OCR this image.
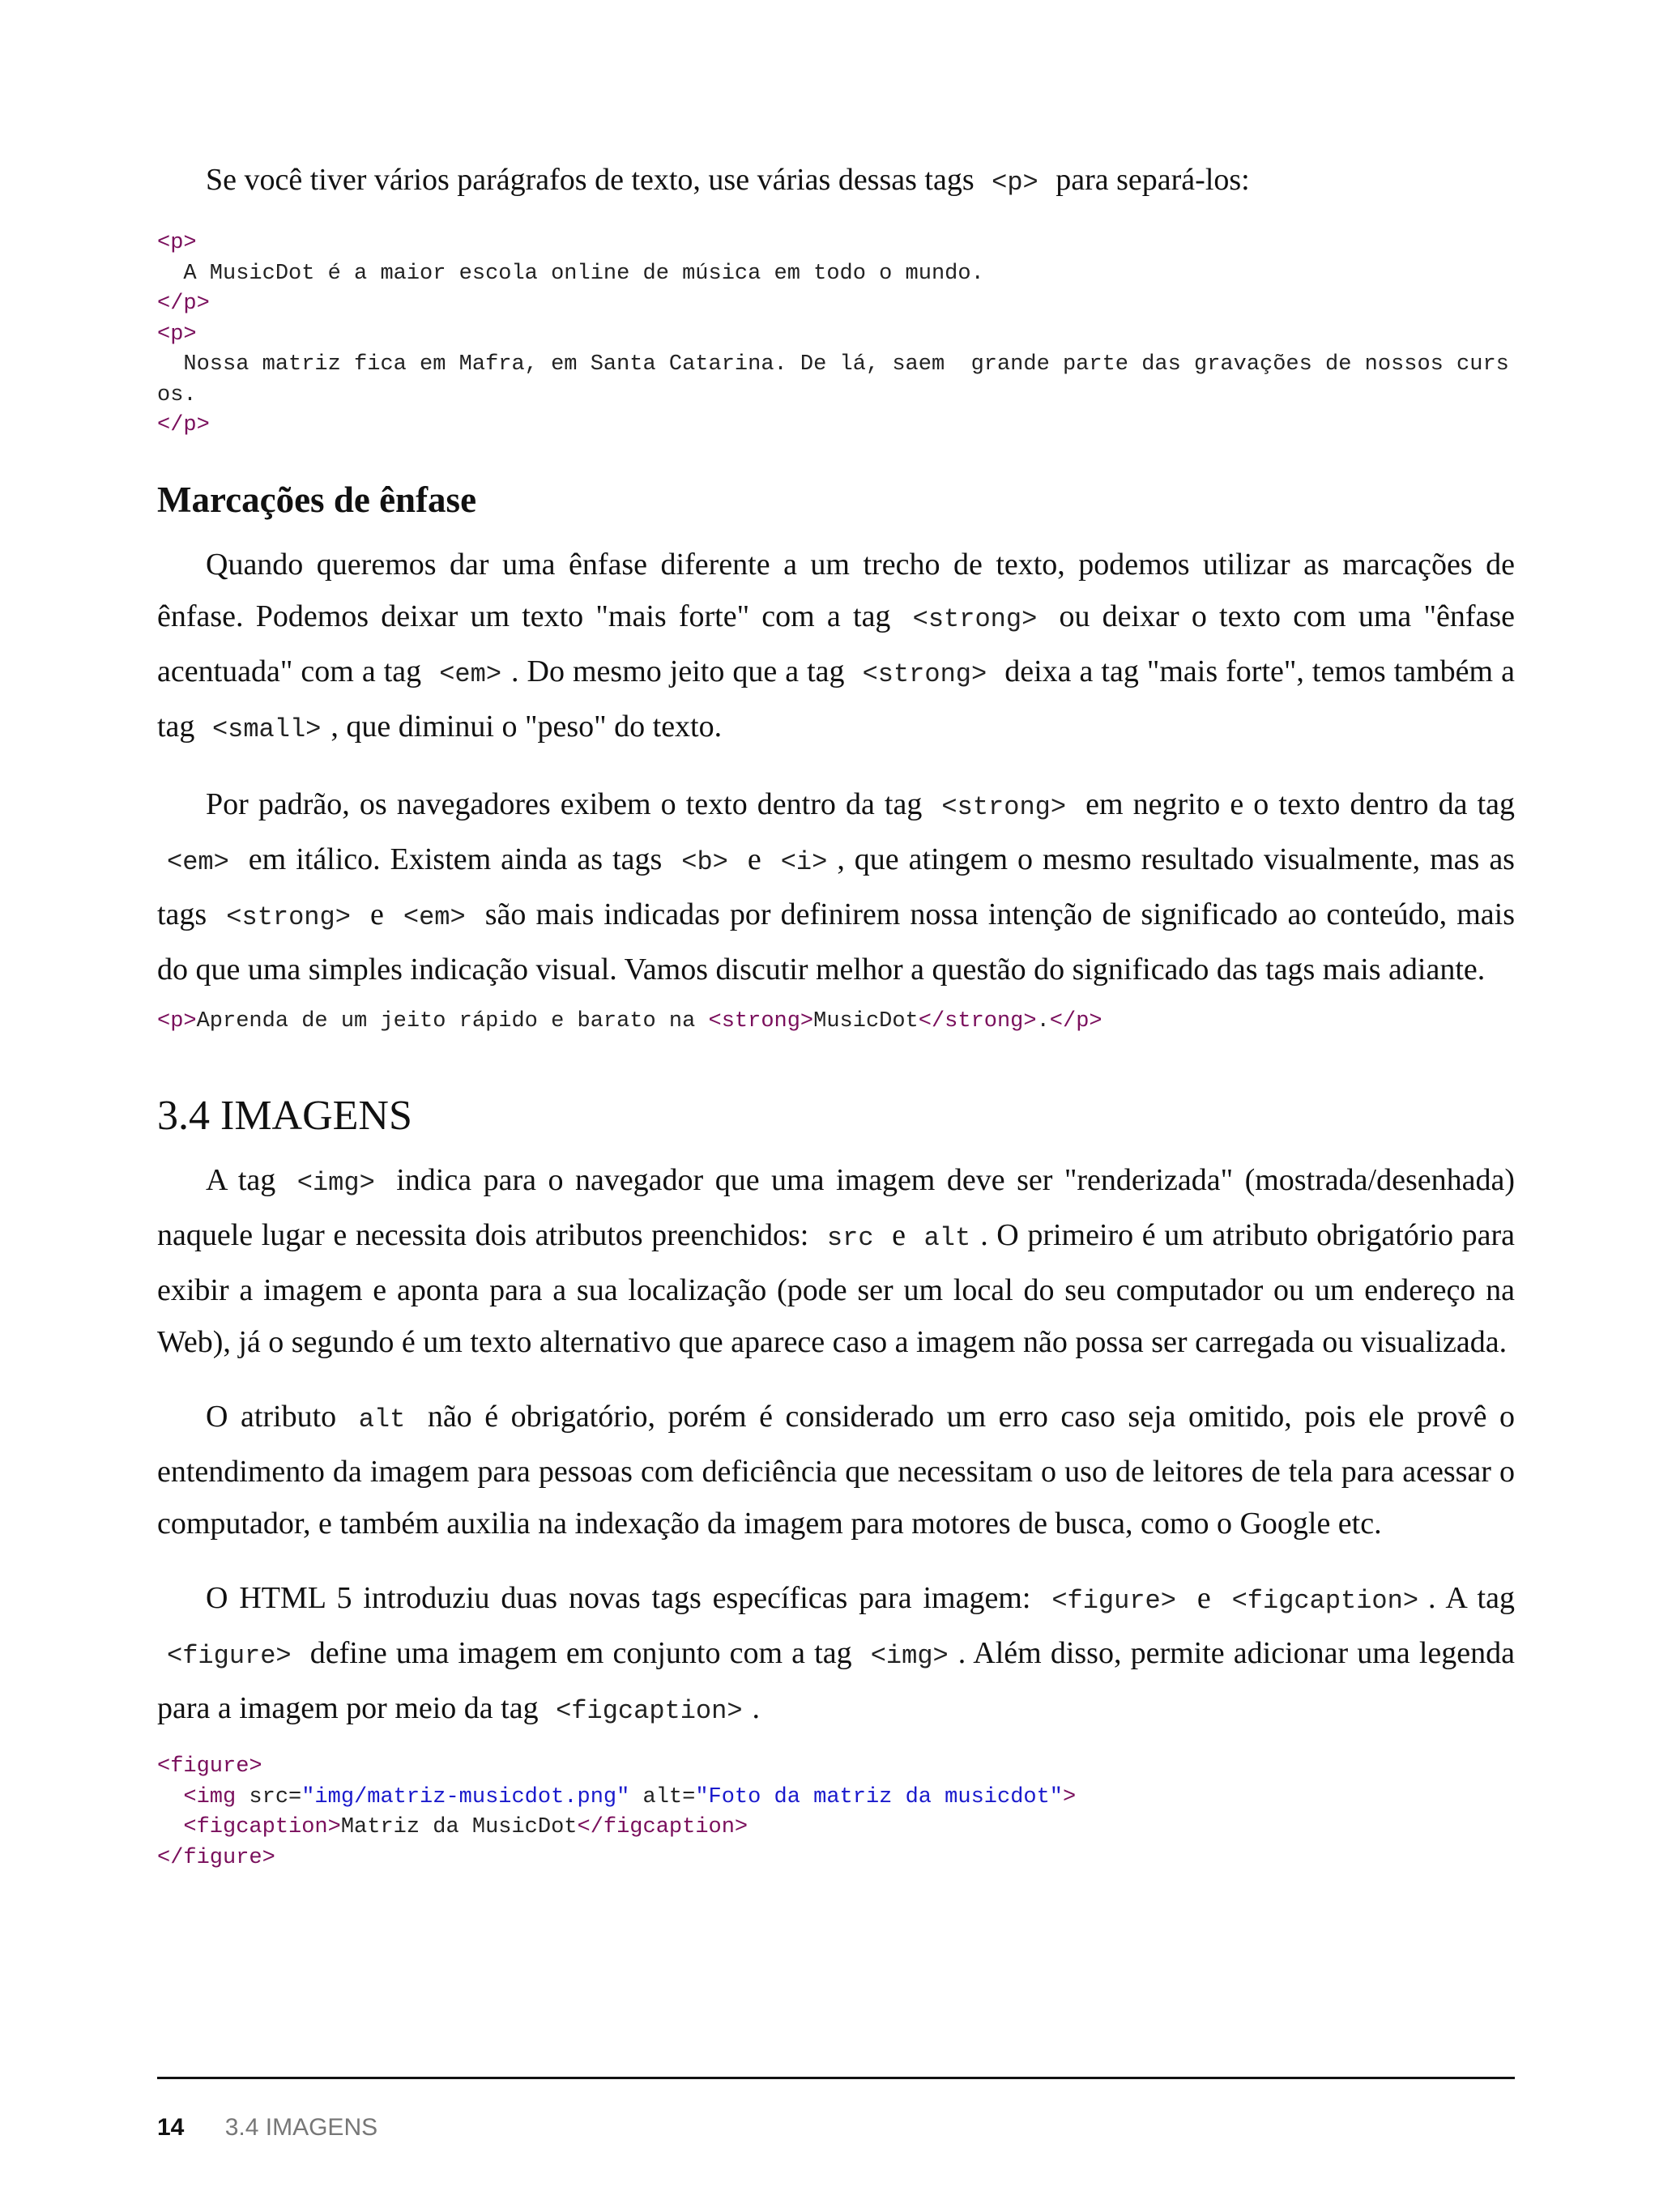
Se você tiver vários parágrafos de texto, use várias dessas tags <p> para separá-los:

<p>
A MusicDot é a maior escola online de música em todo o mundo.
</p>
<p>
Nossa matriz fica em Mafra, em Santa Catarina. De lá, saem  grande parte das gravações de nossos cursos.
</p>
Marcações de ênfase

Quando queremos dar uma ênfase diferente a um trecho de texto, podemos utilizar as marcações de ênfase. Podemos deixar um texto "mais forte" com a tag <strong> ou deixar o texto com uma "ênfase acentuada" com a tag <em> . Do mesmo jeito que a tag <strong> deixa a tag "mais forte", temos também a tag <small> , que diminui o "peso" do texto.

Por padrão, os navegadores exibem o texto dentro da tag <strong> em negrito e o texto dentro da tag <em> em itálico. Existem ainda as tags <b> e <i> , que atingem o mesmo resultado visualmente, mas as tags <strong> e <em> são mais indicadas por definirem nossa intenção de significado ao conteúdo, mais do que uma simples indicação visual. Vamos discutir melhor a questão do significado das tags mais adiante.

<p>Aprenda de um jeito rápido e barato na <strong>MusicDot</strong>.</p>
3.4 IMAGENS

A tag <img> indica para o navegador que uma imagem deve ser "renderizada" (mostrada/desenhada) naquele lugar e necessita dois atributos preenchidos: src e alt . O primeiro é um atributo obrigatório para exibir a imagem e aponta para a sua localização (pode ser um local do seu computador ou um endereço na Web), já o segundo é um texto alternativo que aparece caso a imagem não possa ser carregada ou visualizada.

O atributo alt não é obrigatório, porém é considerado um erro caso seja omitido, pois ele provê o entendimento da imagem para pessoas com deficiência que necessitam o uso de leitores de tela para acessar o computador, e também auxilia na indexação da imagem para motores de busca, como o Google etc.

O HTML 5 introduziu duas novas tags específicas para imagem: <figure> e <figcaption> . A tag <figure> define uma imagem em conjunto com a tag <img> . Além disso, permite adicionar uma legenda para a imagem por meio da tag <figcaption> .

<figure>
<img src="img/matriz-musicdot.png" alt="Foto da matriz da musicdot">
<figcaption>Matriz da MusicDot</figcaption>
</figure>
14 3.4 IMAGENS
